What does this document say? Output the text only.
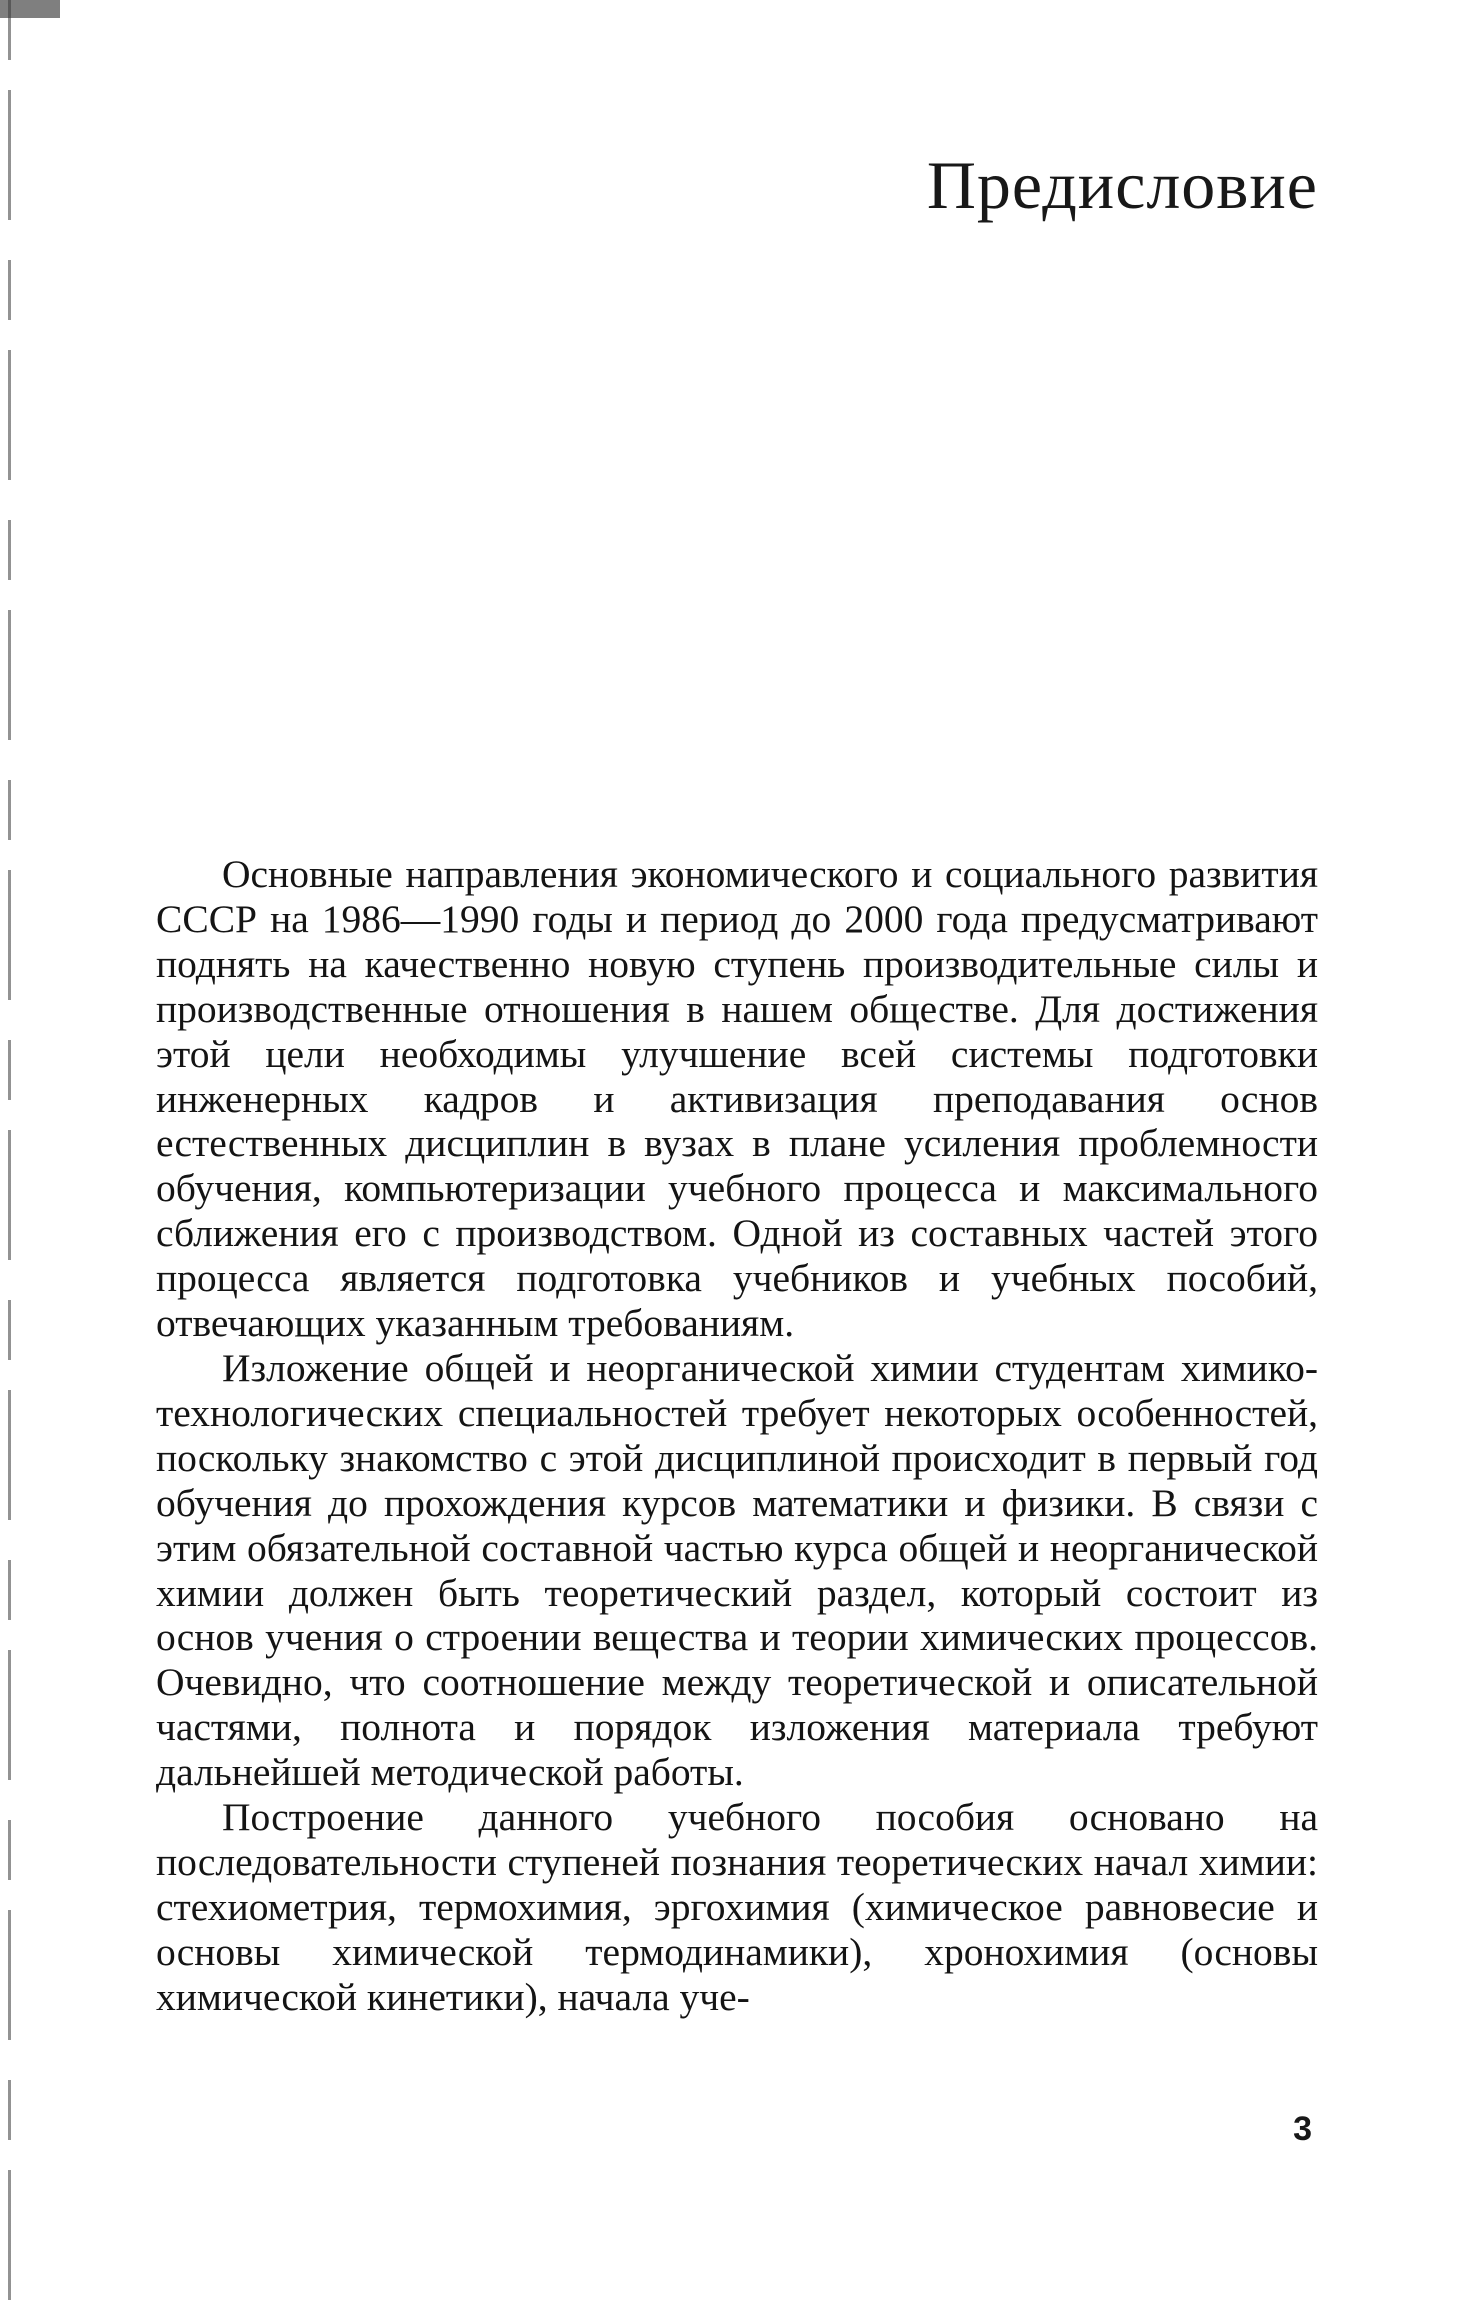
Предисловие

Основные направления экономического и социального развития СССР на 1986—1990 годы и период до 2000 года предусматривают поднять на качественно новую ступень производительные силы и производственные отношения в нашем обществе. Для достижения этой цели необходимы улучшение всей системы подготовки инженерных кадров и активизация преподавания основ естественных дисциплин в вузах в плане усиления проблемности обучения, компьютеризации учебного процесса и максимального сближения его с производством. Одной из составных частей этого процесса является подготовка учебников и учебных пособий, отвечающих указанным требованиям.

Изложение общей и неорганической химии студентам химико-технологических специальностей требует некоторых особенностей, поскольку знакомство с этой дисциплиной происходит в первый год обучения до прохождения курсов математики и физики. В связи с этим обязательной составной частью курса общей и неорганической химии должен быть теоретический раздел, который состоит из основ учения о строении вещества и теории химических процессов. Очевидно, что соотношение между теоретической и описательной частями, полнота и порядок изложения материала требуют дальнейшей методической работы.

Построение данного учебного пособия основано на последовательности ступеней познания теоретических начал химии: стехиометрия, термохимия, эргохимия (химическое равновесие и основы химической термодинамики), хронохимия (основы химической кинетики), начала уче-

3
